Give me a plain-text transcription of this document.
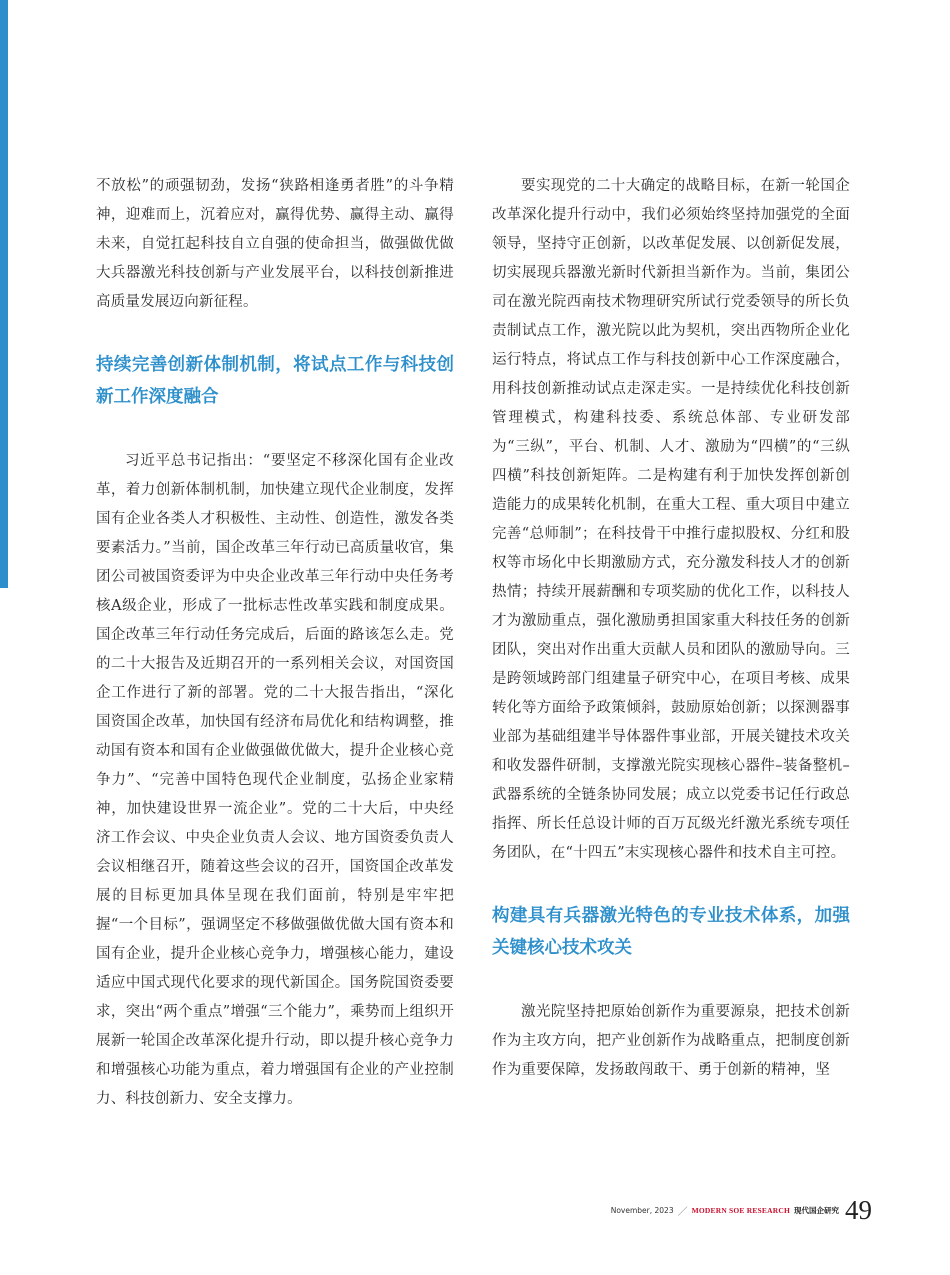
不放松”的顽强韧劲，发扬“狭路相逢勇者胜”的斗争精神，迎难而上，沉着应对，赢得优势、赢得主动、赢得未来，自觉扛起科技自立自强的使命担当，做强做优做大兵器激光科技创新与产业发展平台，以科技创新推进高质量发展迈向新征程。

持续完善创新体制机制，将试点工作与科技创新工作深度融合

习近平总书记指出：“要坚定不移深化国有企业改革，着力创新体制机制，加快建立现代企业制度，发挥国有企业各类人才积极性、主动性、创造性，激发各类要素活力。”当前，国企改革三年行动已高质量收官，集团公司被国资委评为中央企业改革三年行动中央任务考核A级企业，形成了一批标志性改革实践和制度成果。国企改革三年行动任务完成后，后面的路该怎么走。党的二十大报告及近期召开的一系列相关会议，对国资国企工作进行了新的部署。党的二十大报告指出，“深化国资国企改革，加快国有经济布局优化和结构调整，推动国有资本和国有企业做强做优做大，提升企业核心竞争力”、“完善中国特色现代企业制度，弘扬企业家精神，加快建设世界一流企业”。党的二十大后，中央经济工作会议、中央企业负责人会议、地方国资委负责人会议相继召开，随着这些会议的召开，国资国企改革发展的目标更加具体呈现在我们面前，特别是牢牢把握“一个目标”，强调坚定不移做强做优做大国有资本和国有企业，提升企业核心竞争力，增强核心能力，建设适应中国式现代化要求的现代新国企。国务院国资委要求，突出“两个重点”增强“三个能力”，乘势而上组织开展新一轮国企改革深化提升行动，即以提升核心竞争力和增强核心功能为重点，着力增强国有企业的产业控制力、科技创新力、安全支撑力。

要实现党的二十大确定的战略目标，在新一轮国企改革深化提升行动中，我们必须始终坚持加强党的全面领导，坚持守正创新，以改革促发展、以创新促发展，切实展现兵器激光新时代新担当新作为。当前，集团公司在激光院西南技术物理研究所试行党委领导的所长负责制试点工作，激光院以此为契机，突出西物所企业化运行特点，将试点工作与科技创新中心工作深度融合，用科技创新推动试点走深走实。一是持续优化科技创新管理模式，构建科技委、系统总体部、专业研发部为“三纵”，平台、机制、人才、激励为“四横”的“三纵四横”科技创新矩阵。二是构建有利于加快发挥创新创造能力的成果转化机制，在重大工程、重大项目中建立完善“总师制”；在科技骨干中推行虚拟股权、分红和股权等市场化中长期激励方式，充分激发科技人才的创新热情；持续开展薪酬和专项奖励的优化工作，以科技人才为激励重点，强化激励勇担国家重大科技任务的创新团队，突出对作出重大贡献人员和团队的激励导向。三是跨领域跨部门组建量子研究中心，在项目考核、成果转化等方面给予政策倾斜，鼓励原始创新；以探测器事业部为基础组建半导体器件事业部，开展关键技术攻关和收发器件研制，支撑激光院实现核心器件–装备整机–武器系统的全链条协同发展；成立以党委书记任行政总指挥、所长任总设计师的百万瓦级光纤激光系统专项任务团队，在“十四五”末实现核心器件和技术自主可控。

构建具有兵器激光特色的专业技术体系，加强关键核心技术攻关

激光院坚持把原始创新作为重要源泉，把技术创新作为主攻方向，把产业创新作为战略重点，把制度创新作为重要保障，发扬敢闯敢干、勇于创新的精神，坚

November, 2023 ／ MODERN SOE RESEARCH 现代国企研究 49
